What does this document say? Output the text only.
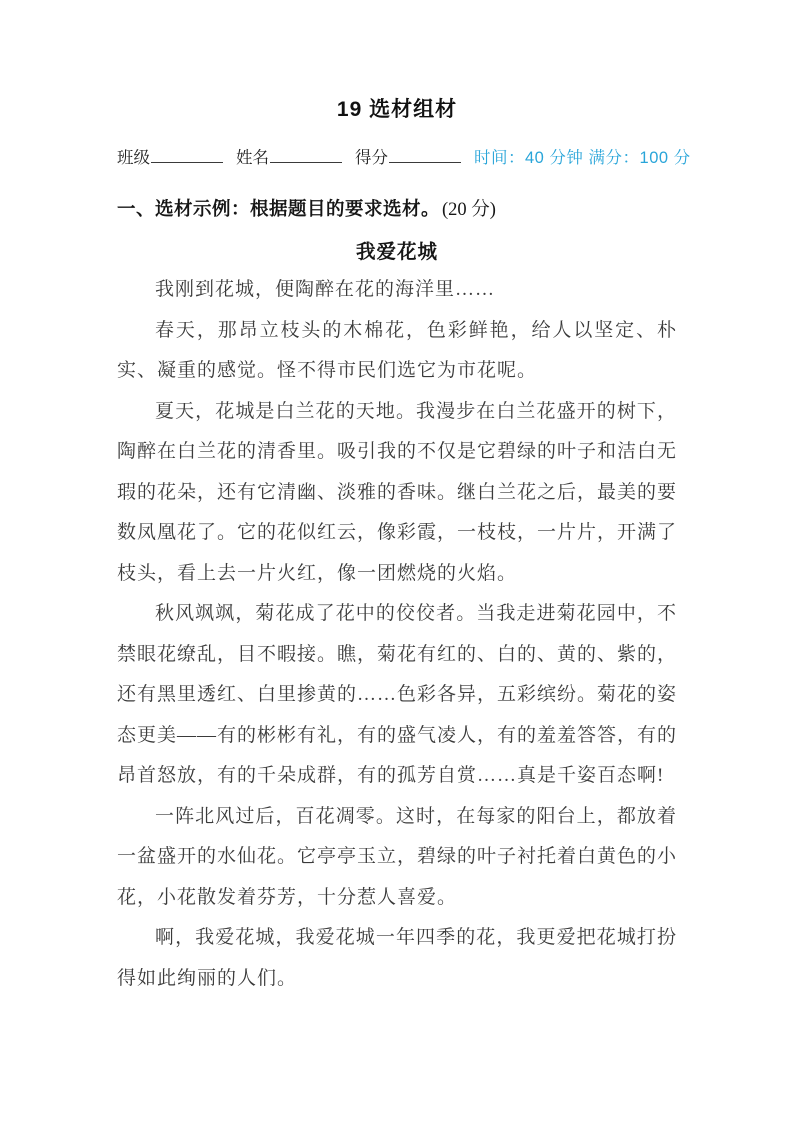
19 选材组材
班级	姓名	得分	时间：40 分钟 满分：100 分
一、选材示例：根据题目的要求选材。 (20 分)
我爱花城

我刚到花城，便陶醉在花的海洋里……

春天，那昂立枝头的木棉花，色彩鲜艳，给人以坚定、朴实、凝重的感觉。怪不得市民们选它为市花呢。

夏天，花城是白兰花的天地。我漫步在白兰花盛开的树下，陶醉在白兰花的清香里。吸引我的不仅是它碧绿的叶子和洁白无瑕的花朵，还有它清幽、淡雅的香味。继白兰花之后，最美的要数凤凰花了。它的花似红云，像彩霞，一枝枝，一片片，开满了枝头，看上去一片火红，像一团燃烧的火焰。

秋风飒飒，菊花成了花中的佼佼者。当我走进菊花园中，不禁眼花缭乱，目不暇接。瞧，菊花有红的、白的、黄的、紫的，还有黑里透红、白里掺黄的……色彩各异，五彩缤纷。菊花的姿态更美——有的彬彬有礼，有的盛气凌人，有的羞羞答答，有的昂首怒放，有的千朵成群，有的孤芳自赏……真是千姿百态啊!

一阵北风过后，百花凋零。这时，在每家的阳台上，都放着一盆盛开的水仙花。它亭亭玉立，碧绿的叶子衬托着白黄色的小花，小花散发着芬芳，十分惹人喜爱。

啊，我爱花城，我爱花城一年四季的花，我更爱把花城打扮得如此绚丽的人们。
